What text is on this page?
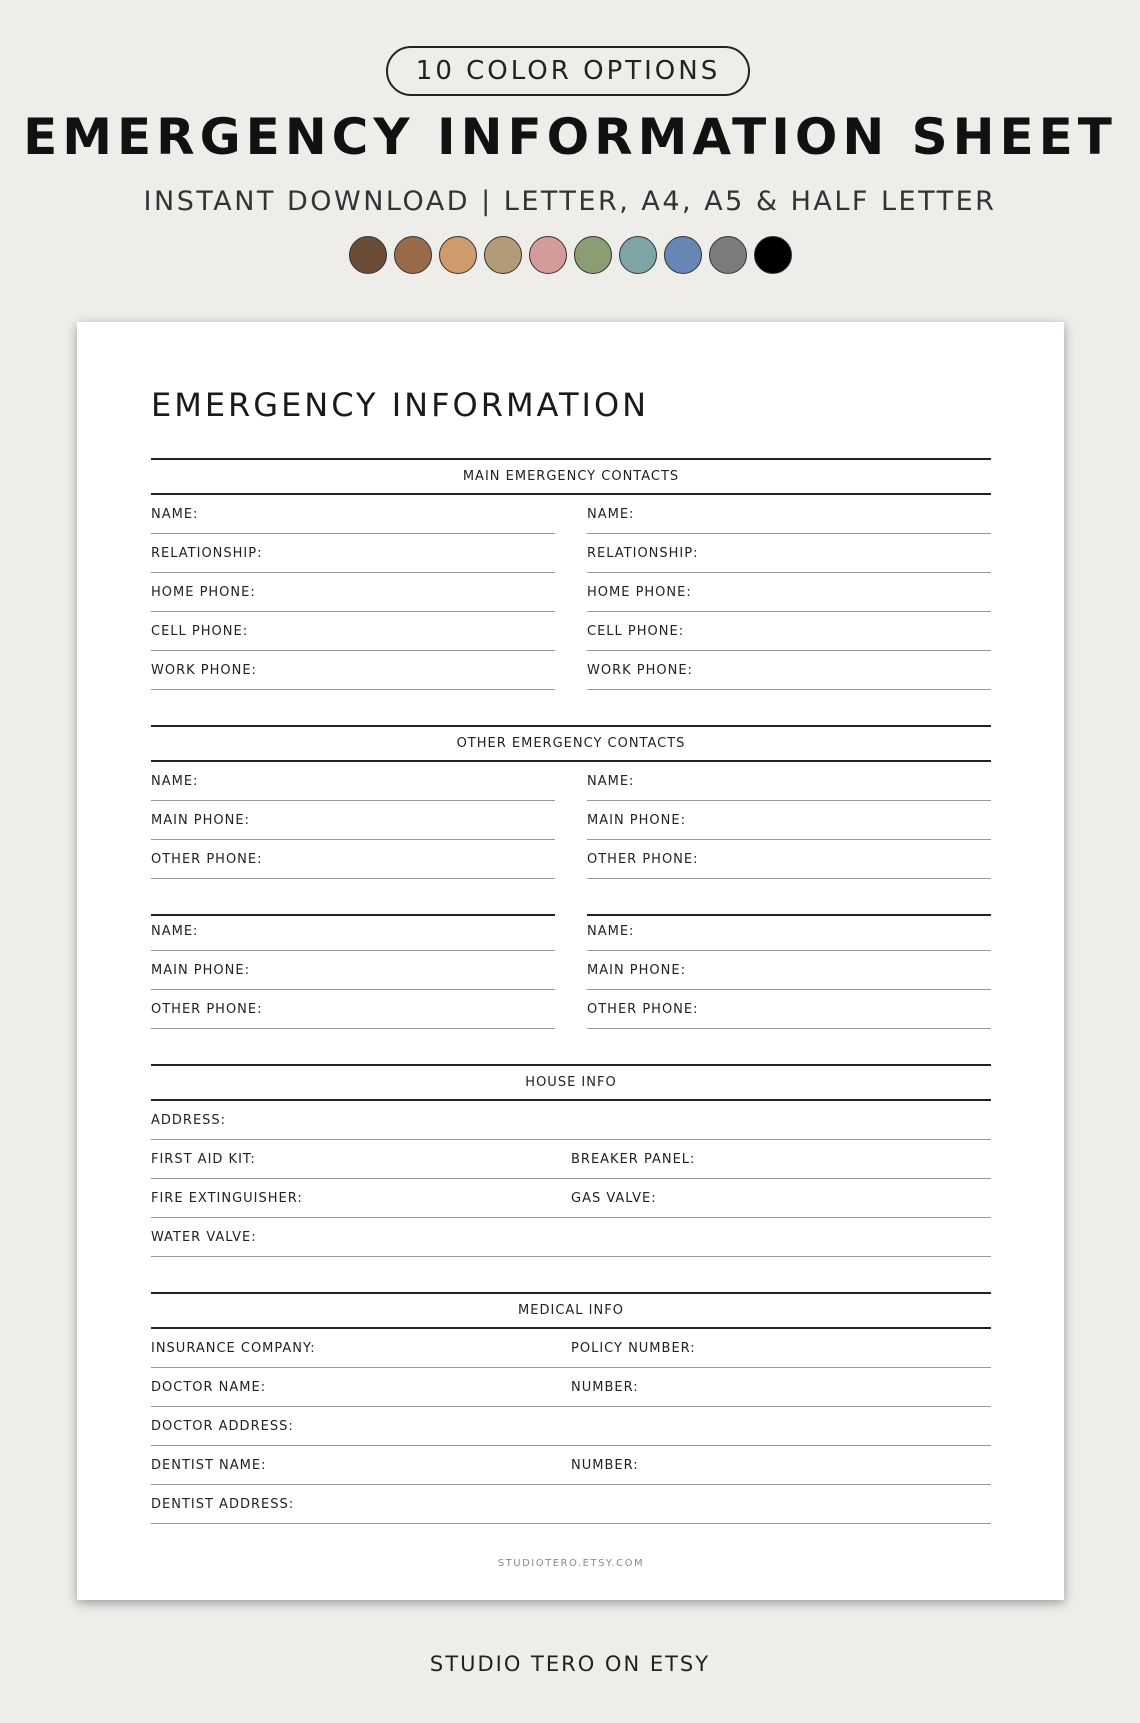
10 COLOR OPTIONS
EMERGENCY INFORMATION SHEET
INSTANT DOWNLOAD | LETTER, A4, A5 & HALF LETTER
EMERGENCY INFORMATION
MAIN EMERGENCY CONTACTS
NAME:
RELATIONSHIP:
HOME PHONE:
CELL PHONE:
WORK PHONE:
NAME:
RELATIONSHIP:
HOME PHONE:
CELL PHONE:
WORK PHONE:
OTHER EMERGENCY CONTACTS
NAME:
MAIN PHONE:
OTHER PHONE:
NAME:
MAIN PHONE:
OTHER PHONE:
NAME:
MAIN PHONE:
OTHER PHONE:
NAME:
MAIN PHONE:
OTHER PHONE:
HOUSE INFO
ADDRESS:
FIRST AID KIT:	BREAKER PANEL:
FIRE EXTINGUISHER:	GAS VALVE:
WATER VALVE:
MEDICAL INFO
INSURANCE COMPANY:	POLICY NUMBER:
DOCTOR NAME:	NUMBER:
DOCTOR ADDRESS:
DENTIST NAME:	NUMBER:
DENTIST ADDRESS:
STUDIOTERO.ETSY.COM
STUDIO TERO ON ETSY
